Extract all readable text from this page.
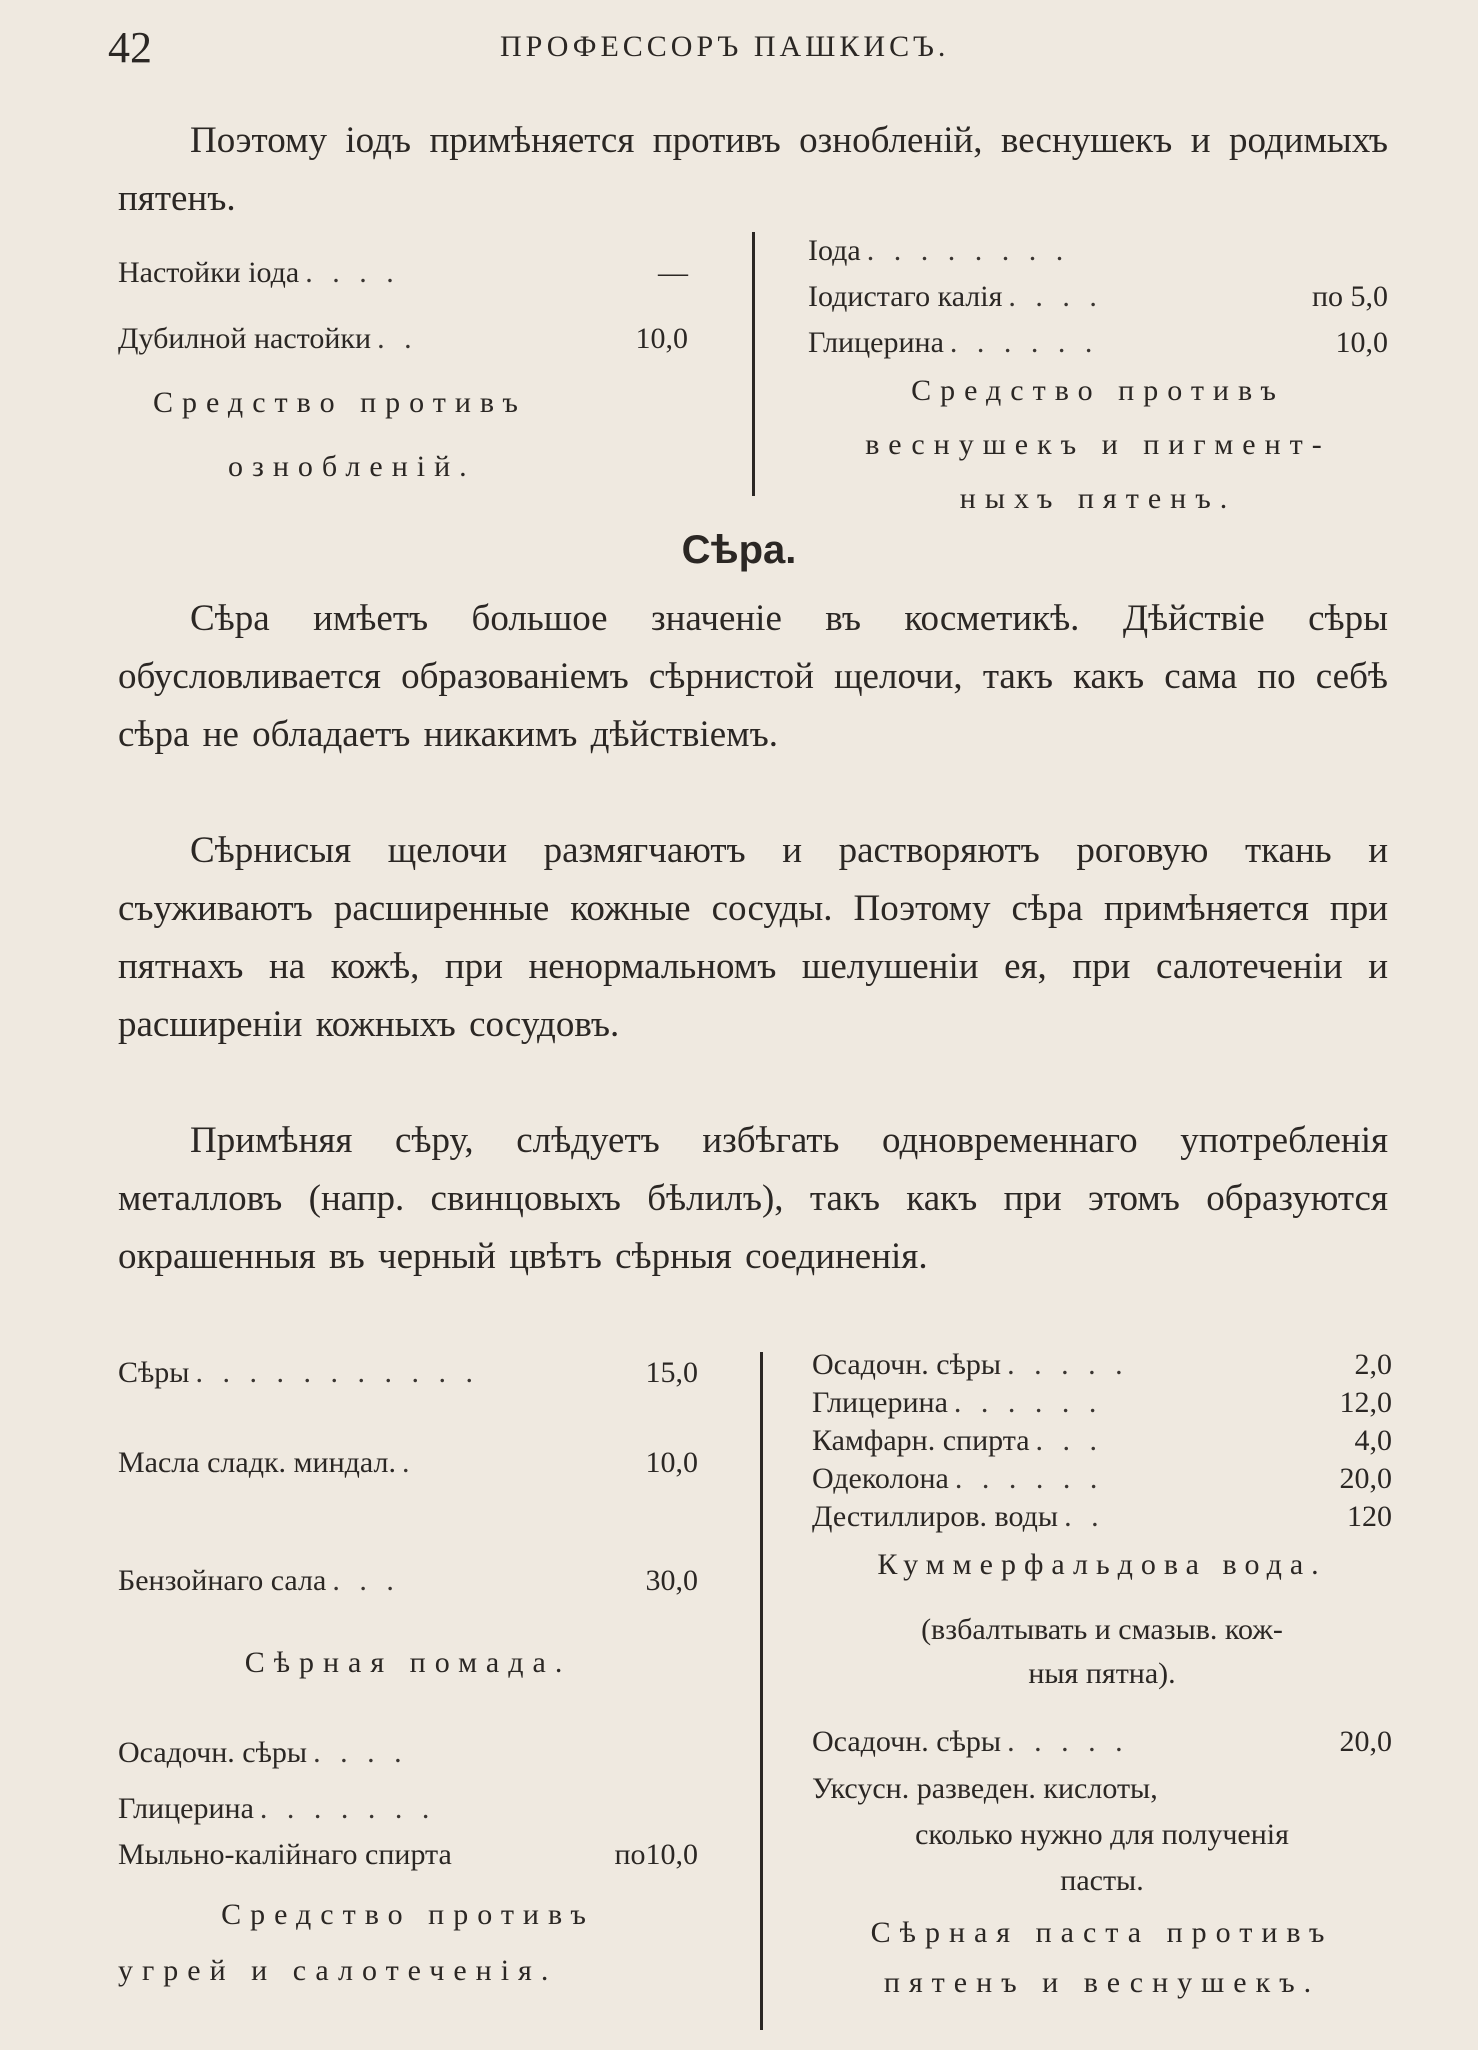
42	ПРОФЕССОРЪ ПАШКИСЪ.

Поэтому іодъ примѣняется противъ ознобленій, веснушекъ и родимыхъ пятенъ.

Настойки іода . . . .	—
Дубилной настойки . .	10,0

Средство противъ

ознобленій.

Іода . . . . . . . .
Іодистаго калія . . . .	по 5,0
Глицерина . . . . . .	10,0

Средство противъ

веснушекъ и пигмент-

ныхъ пятенъ.

Сѣра.

Сѣра имѣетъ большое значеніе въ косметикѣ. Дѣйствіе сѣры обусловливается образованіемъ сѣрнистой щелочи, такъ какъ сама по себѣ сѣра не обладаетъ никакимъ дѣйствіемъ.

Сѣрнисыя щелочи размягчаютъ и растворяютъ роговую ткань и съуживаютъ расширенные кожные сосуды. Поэтому сѣра примѣняется при пятнахъ на кожѣ, при ненормальномъ шелушеніи ея, при салотеченіи и расширеніи кожныхъ сосудовъ.

Примѣняя сѣру, слѣдуетъ избѣгать одновременнаго употребленія металловъ (напр. свинцовыхъ бѣлилъ), такъ какъ при этомъ образуются окрашенныя въ черный цвѣтъ сѣрныя соединенія.

Сѣры . . . . . . . . . . .	15,0
Масла сладк. миндал. .	10,0
Бензойнаго сала . . .	30,0

Сѣрная помада.

Осадочн. сѣры . . . .
Глицерина . . . . . . .
Мыльно-калійнаго спирта	по10,0

Средство противъ

угрей и салотеченія.

Осадочн. сѣры . . . . .	2,0
Глицерина . . . . . .	12,0
Камфарн. спирта . . .	4,0
Одеколона . . . . . .	20,0
Дестиллиров. воды . .	120

Куммерфальдова вода.

(взбалтывать и смазыв. кож-

ныя пятна).

Осадочн. сѣры . . . . .	20,0

Уксусн. разведен. кислоты,

сколько нужно для полученія

пасты.

Сѣрная паста противъ

пятенъ и веснушекъ.
